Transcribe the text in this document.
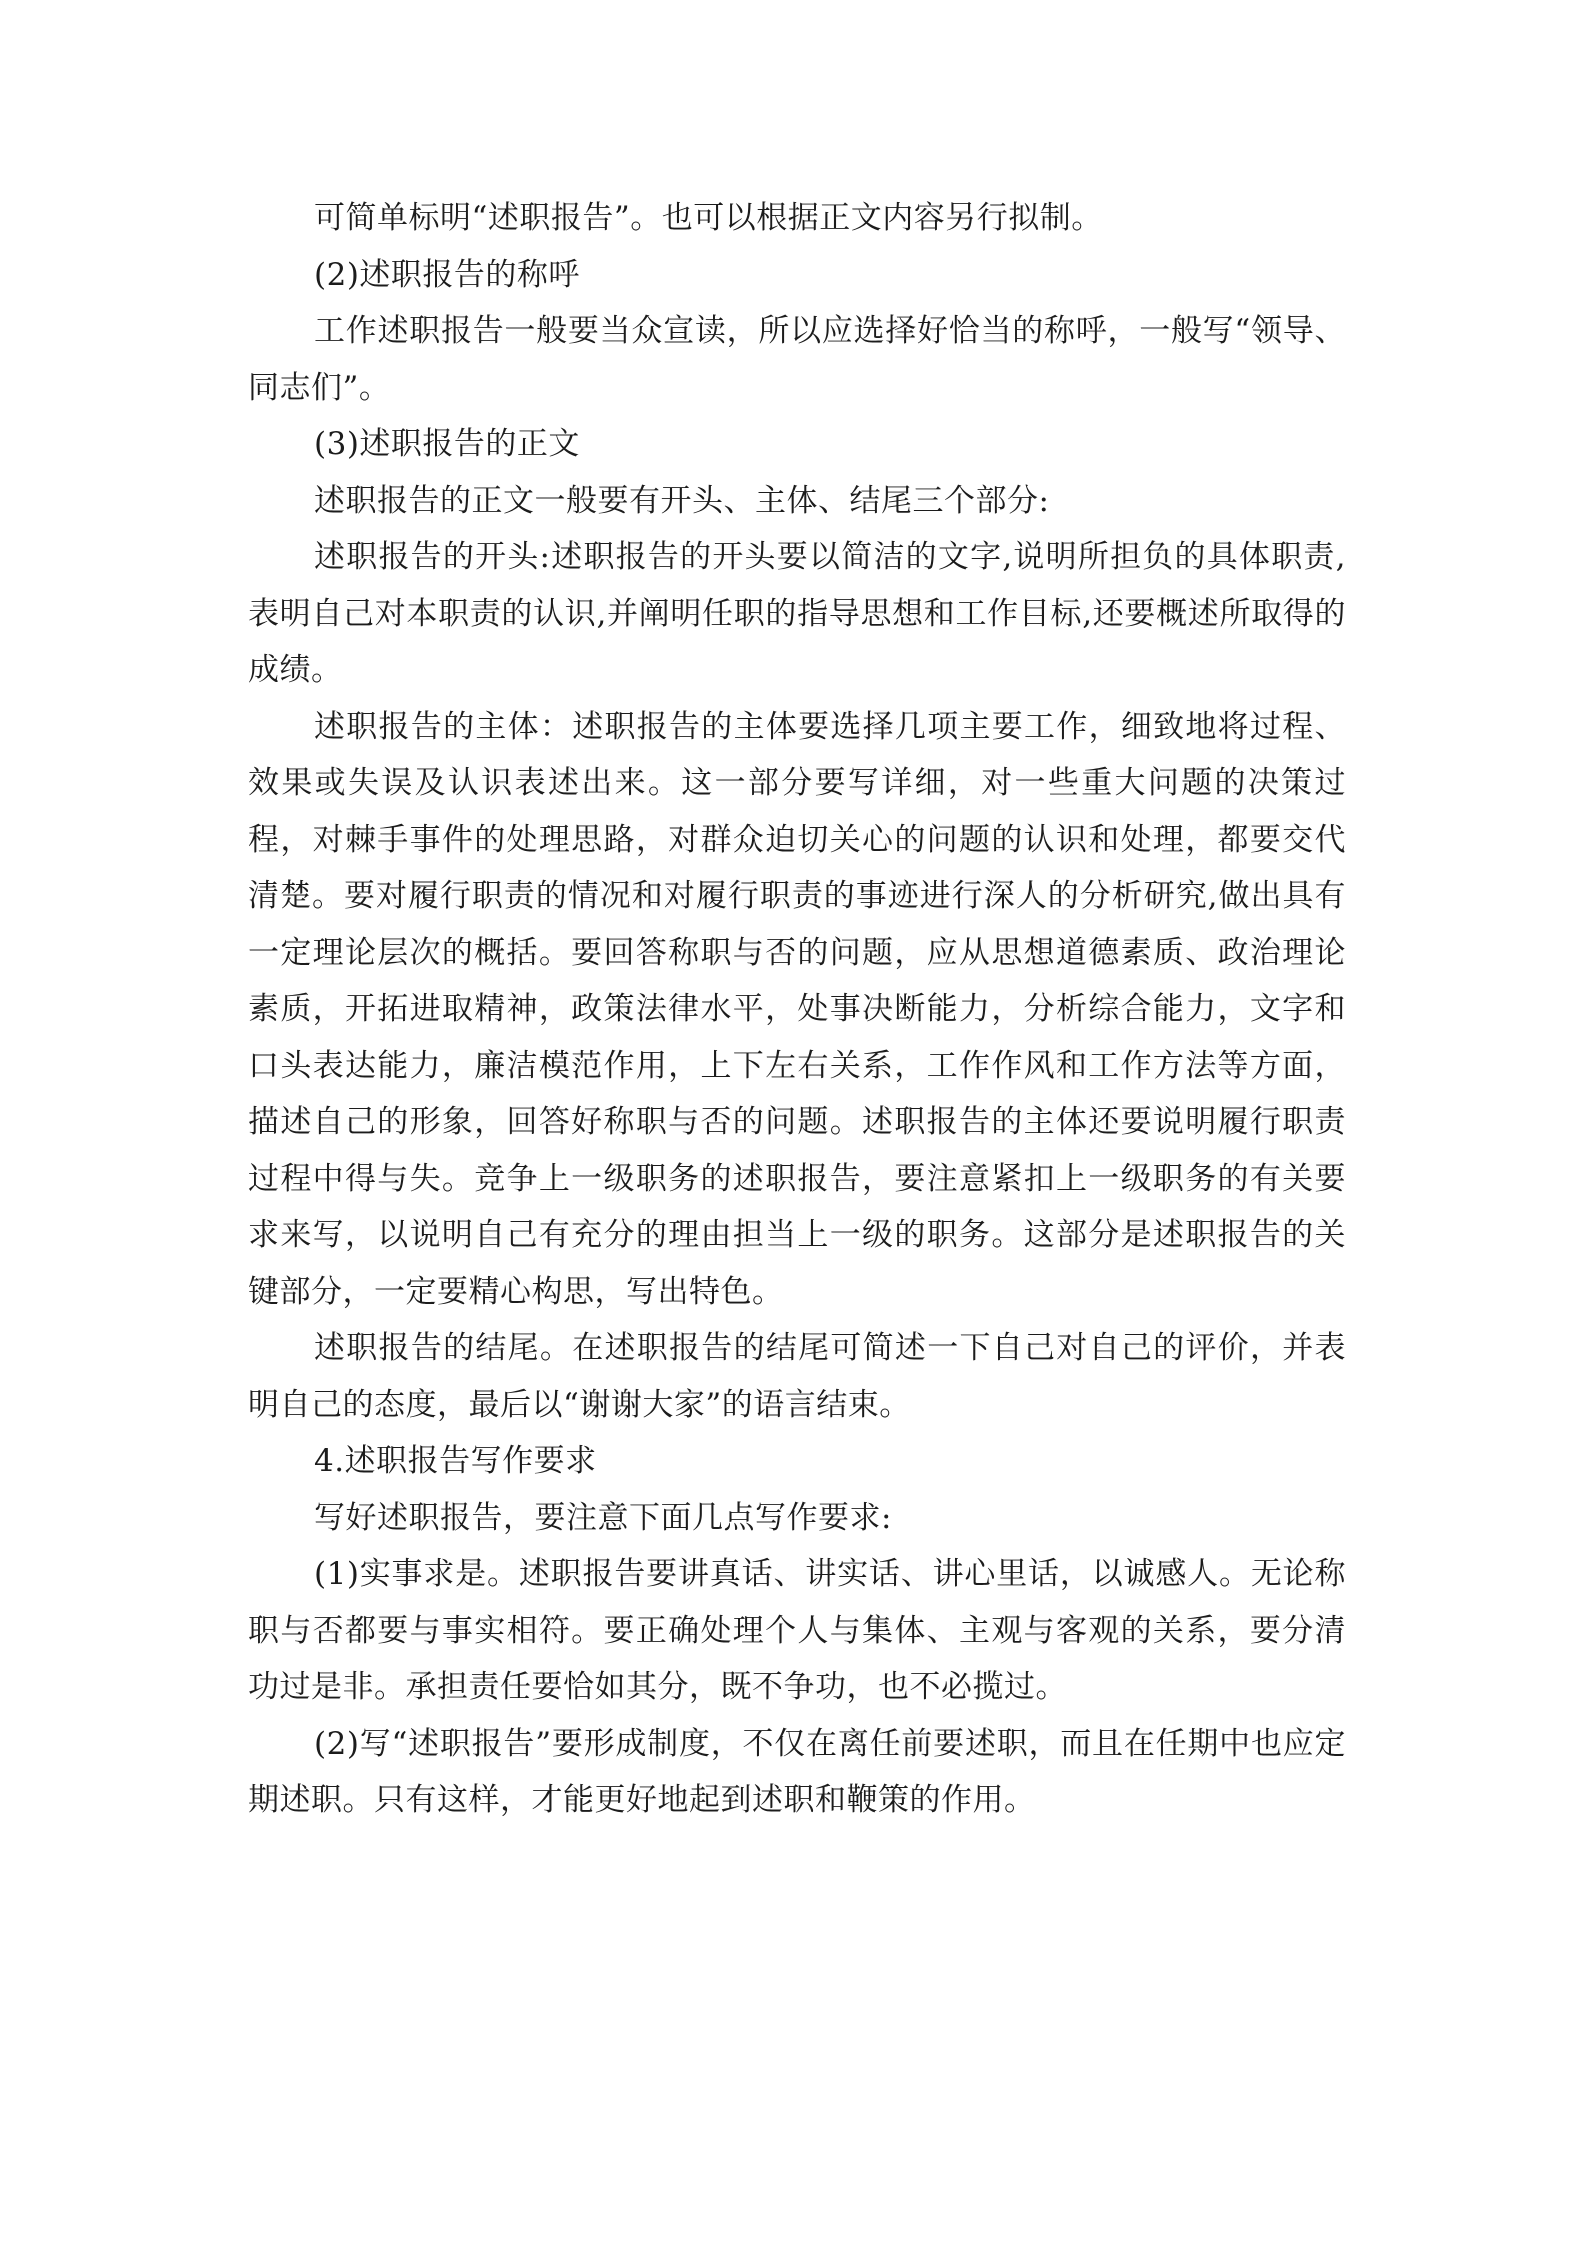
可简单标明“述职报告”。也可以根据正文内容另行拟制。

(2)述职报告的称呼

工作述职报告一般要当众宣读，所以应选择好恰当的称呼，一般写“领导、同志们”。

(3)述职报告的正文

述职报告的正文一般要有开头、主体、结尾三个部分:

述职报告的开头:述职报告的开头要以简洁的文字,说明所担负的具体职责,表明自己对本职责的认识,并阐明任职的指导思想和工作目标,还要概述所取得的成绩。

述职报告的主体：述职报告的主体要选择几项主要工作，细致地将过程、效果或失误及认识表述出来。这一部分要写详细，对一些重大问题的决策过程，对棘手事件的处理思路，对群众迫切关心的问题的认识和处理，都要交代清楚。要对履行职责的情况和对履行职责的事迹进行深人的分析研究,做出具有一定理论层次的概括。要回答称职与否的问题，应从思想道德素质、政治理论素质，开拓进取精神，政策法律水平，处事决断能力，分析综合能力，文字和口头表达能力，廉洁模范作用，上下左右关系，工作作风和工作方法等方面，描述自己的形象，回答好称职与否的问题。述职报告的主体还要说明履行职责过程中得与失。竞争上一级职务的述职报告，要注意紧扣上一级职务的有关要求来写，以说明自己有充分的理由担当上一级的职务。这部分是述职报告的关键部分，一定要精心构思，写出特色。

述职报告的结尾。在述职报告的结尾可简述一下自己对自己的评价，并表明自己的态度，最后以“谢谢大家”的语言结束。

4.述职报告写作要求

写好述职报告，要注意下面几点写作要求:

(1)实事求是。述职报告要讲真话、讲实话、讲心里话，以诚感人。无论称职与否都要与事实相符。要正确处理个人与集体、主观与客观的关系，要分清功过是非。承担责任要恰如其分，既不争功，也不必揽过。

(2)写“述职报告”要形成制度，不仅在离任前要述职，而且在任期中也应定期述职。只有这样，才能更好地起到述职和鞭策的作用。
